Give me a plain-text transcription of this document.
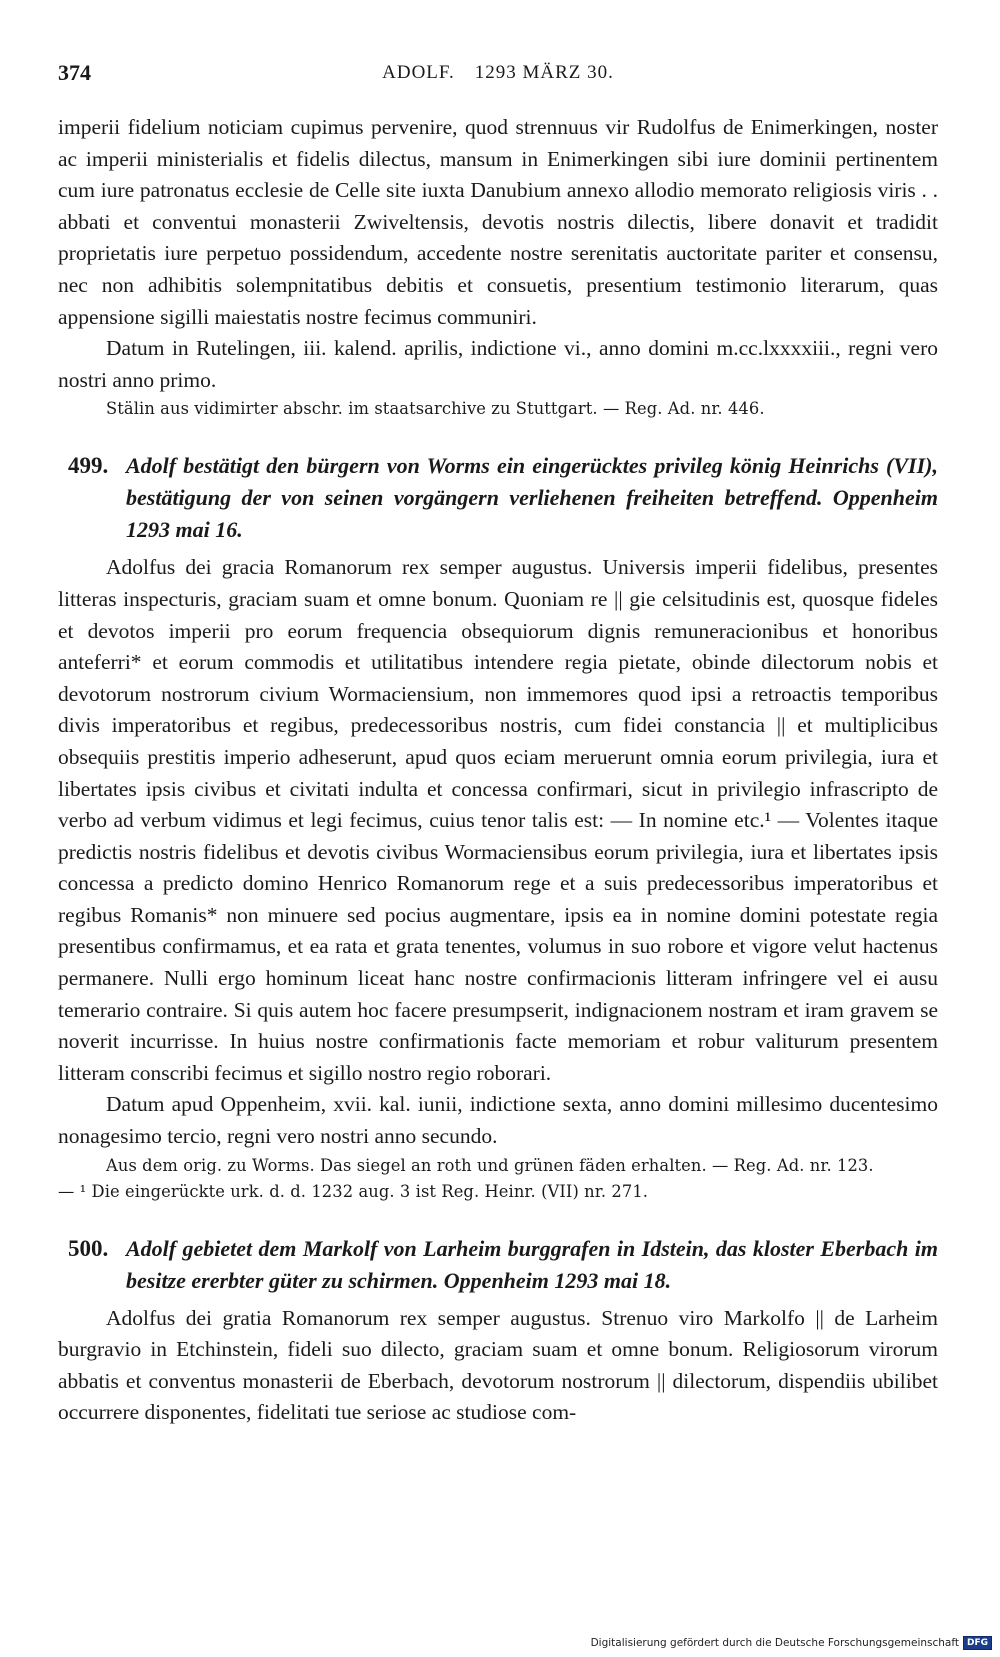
374	ADOLF. 1293 MÄRZ 30.

imperii fidelium noticiam cupimus pervenire, quod strennuus vir Rudolfus de Enimerkingen, noster ac imperii ministerialis et fidelis dilectus, mansum in Enimerkingen sibi iure dominii pertinentem cum iure patronatus ecclesie de Celle site iuxta Danubium annexo allodio memorato religiosis viris . . abbati et conventui monasterii Zwiveltensis, devotis nostris dilectis, libere donavit et tradidit proprietatis iure perpetuo possidendum, accedente nostre serenitatis auctoritate pariter et consensu, nec non adhibitis solempnitatibus debitis et consuetis, presentium testimonio literarum, quas appensione sigilli maiestatis nostre fecimus communiri.

Datum in Rutelingen, iii. kalend. aprilis, indictione vi., anno domini m.cc.lxxxxiii., regni vero nostri anno primo.

Stälin aus vidimirter abschr. im staatsarchive zu Stuttgart. — Reg. Ad. nr. 446.

499. Adolf bestätigt den bürgern von Worms ein eingerücktes privileg könig Heinrichs (VII), bestätigung der von seinen vorgängern verliehenen freiheiten betreffend. Oppenheim 1293 mai 16.

Adolfus dei gracia Romanorum rex semper augustus. Universis imperii fidelibus, presentes litteras inspecturis, graciam suam et omne bonum. Quoniam re || gie celsitudinis est, quosque fideles et devotos imperii pro eorum frequencia obsequiorum dignis remuneracionibus et honoribus anteferri* et eorum commodis et utilitatibus intendere regia pietate, obinde dilectorum nobis et devotorum nostrorum civium Wormaciensium, non immemores quod ipsi a retroactis temporibus divis imperatoribus et regibus, predecessoribus nostris, cum fidei constancia || et multiplicibus obsequiis prestitis imperio adheserunt, apud quos eciam meruerunt omnia eorum privilegia, iura et libertates ipsis civibus et civitati indulta et concessa confirmari, sicut in privilegio infrascripto de verbo ad verbum vidimus et legi fecimus, cuius tenor talis est: — In nomine etc.¹ — Volentes itaque predictis nostris fidelibus et devotis civibus Wormaciensibus eorum privilegia, iura et libertates ipsis concessa a predicto domino Henrico Romanorum rege et a suis predecessoribus imperatoribus et regibus Romanis* non minuere sed pocius augmentare, ipsis ea in nomine domini potestate regia presentibus confirmamus, et ea rata et grata tenentes, volumus in suo robore et vigore velut hactenus permanere. Nulli ergo hominum liceat hanc nostre confirmacionis litteram infringere vel ei ausu temerario contraire. Si quis autem hoc facere presumpserit, indignacionem nostram et iram gravem se noverit incurrisse. In huius nostre confirmationis facte memoriam et robur valiturum presentem litteram conscribi fecimus et sigillo nostro regio roborari.

Datum apud Oppenheim, xvii. kal. iunii, indictione sexta, anno domini millesimo ducentesimo nonagesimo tercio, regni vero nostri anno secundo.

Aus dem orig. zu Worms. Das siegel an roth und grünen fäden erhalten. — Reg. Ad. nr. 123.

— ¹ Die eingerückte urk. d. d. 1232 aug. 3 ist Reg. Heinr. (VII) nr. 271.

500. Adolf gebietet dem Markolf von Larheim burggrafen in Idstein, das kloster Eberbach im besitze ererbter güter zu schirmen. Oppenheim 1293 mai 18.

Adolfus dei gratia Romanorum rex semper augustus. Strenuo viro Markolfo || de Larheim burgravio in Etchinstein, fideli suo dilecto, graciam suam et omne bonum. Religiosorum virorum abbatis et conventus monasterii de Eberbach, devotorum nostrorum || dilectorum, dispendiis ubilibet occurrere disponentes, fidelitati tue seriose ac studiose com-

Digitalisierung gefördert durch die Deutsche Forschungsgemeinschaft DFG
